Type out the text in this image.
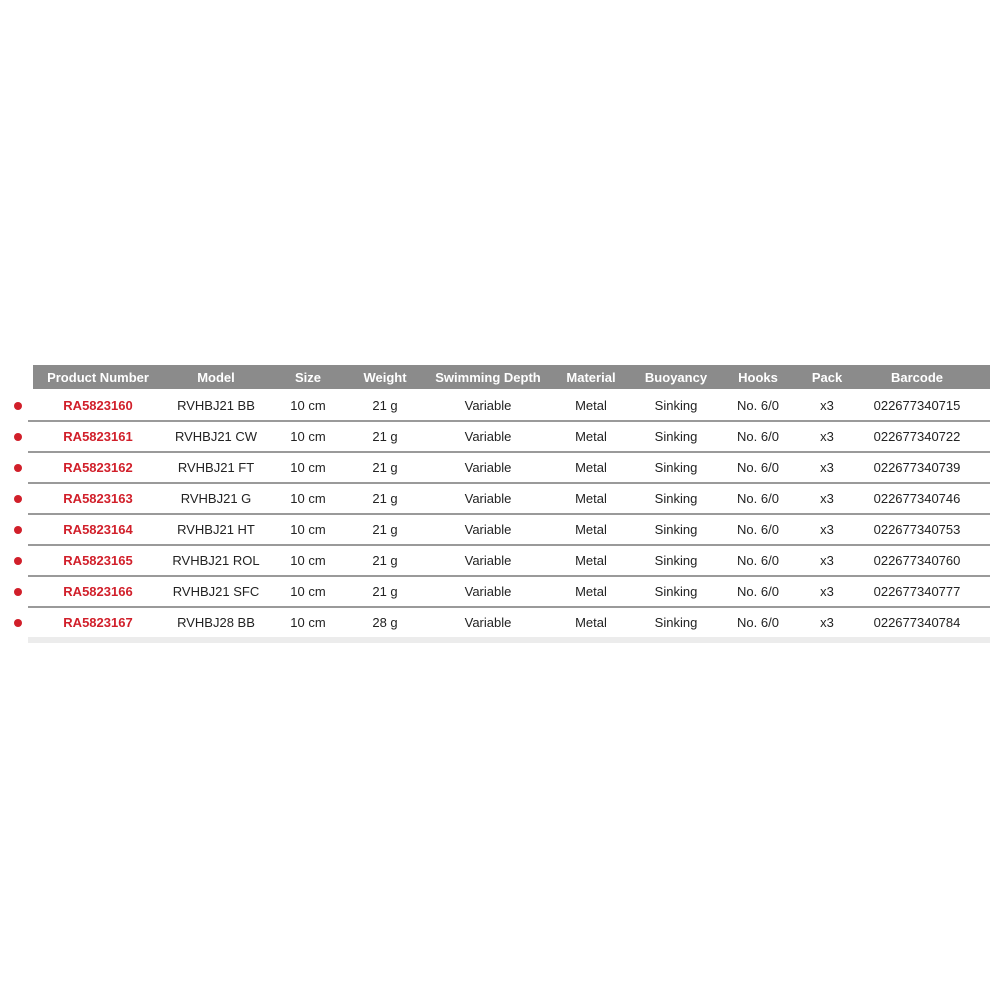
Product Number	Model	Size	Weight	Swimming Depth	Material	Buoyancy	Hooks	Pack	Barcode
RA5823160	RVHBJ21 BB	10 cm	21 g	Variable	Metal	Sinking	No. 6/0	x3	022677340715
RA5823161	RVHBJ21 CW	10 cm	21 g	Variable	Metal	Sinking	No. 6/0	x3	022677340722
RA5823162	RVHBJ21 FT	10 cm	21 g	Variable	Metal	Sinking	No. 6/0	x3	022677340739
RA5823163	RVHBJ21 G	10 cm	21 g	Variable	Metal	Sinking	No. 6/0	x3	022677340746
RA5823164	RVHBJ21 HT	10 cm	21 g	Variable	Metal	Sinking	No. 6/0	x3	022677340753
RA5823165	RVHBJ21 ROL	10 cm	21 g	Variable	Metal	Sinking	No. 6/0	x3	022677340760
RA5823166	RVHBJ21 SFC	10 cm	21 g	Variable	Metal	Sinking	No. 6/0	x3	022677340777
RA5823167	RVHBJ28 BB	10 cm	28 g	Variable	Metal	Sinking	No. 6/0	x3	022677340784
